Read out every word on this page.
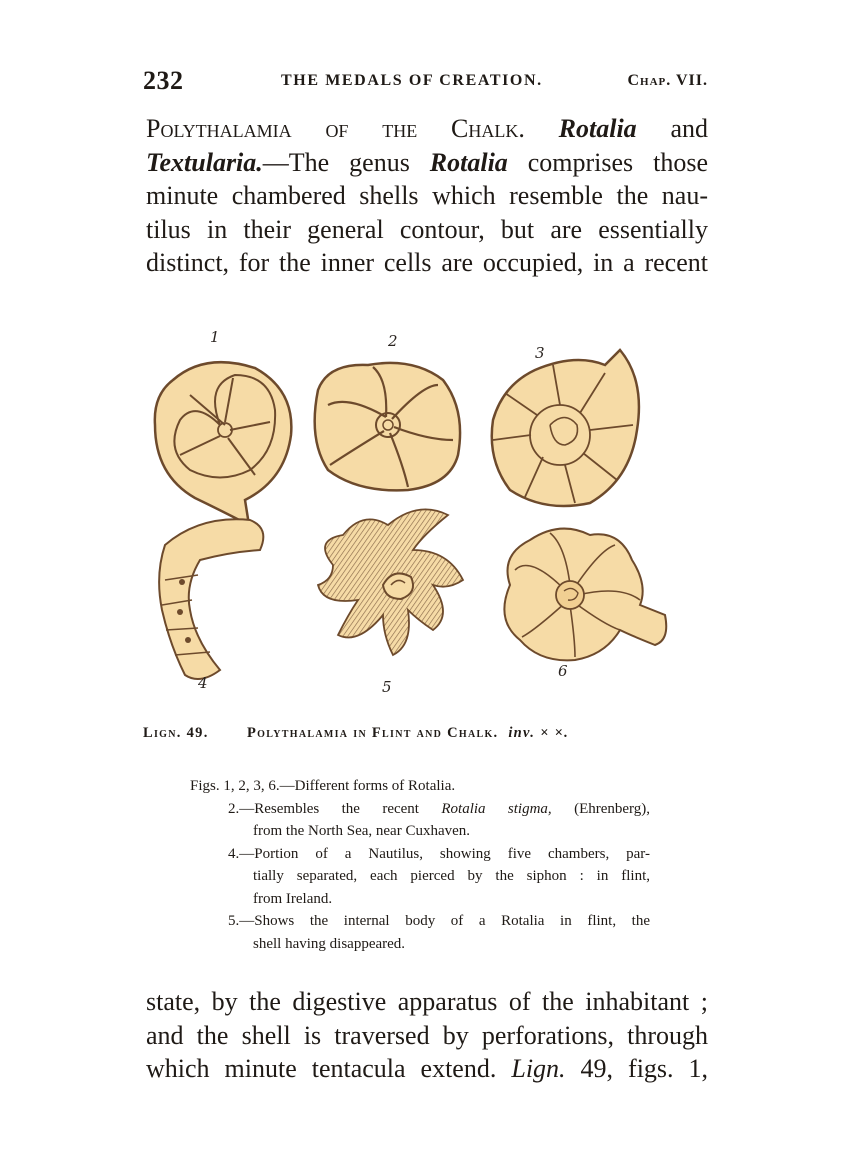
232	THE MEDALS OF CREATION.	Chap. VII.
Polythalamia of the Chalk. Rotalia and
Textularia.—The genus Rotalia comprises those
minute chambered shells which resemble the nau-
tilus in their general contour, but are essentially
distinct, for the inner cells are occupied, in a recent
1	2
3
4	5
6
Lign. 49.	Polythalamia in Flint and Chalk. inv. × ×.

Figs. 1, 2, 3, 6.—Different forms of Rotalia.

2.—Resembles the recent Rotalia stigma, (Ehrenberg),

from the North Sea, near Cuxhaven.

4.—Portion of a Nautilus, showing five chambers, par-

tially separated, each pierced by the siphon : in flint,

from Ireland.

5.—Shows the internal body of a Rotalia in flint, the

shell having disappeared.

state, by the digestive apparatus of the inhabitant ;
and the shell is traversed by perforations, through
which minute tentacula extend. Lign. 49, figs. 1,
